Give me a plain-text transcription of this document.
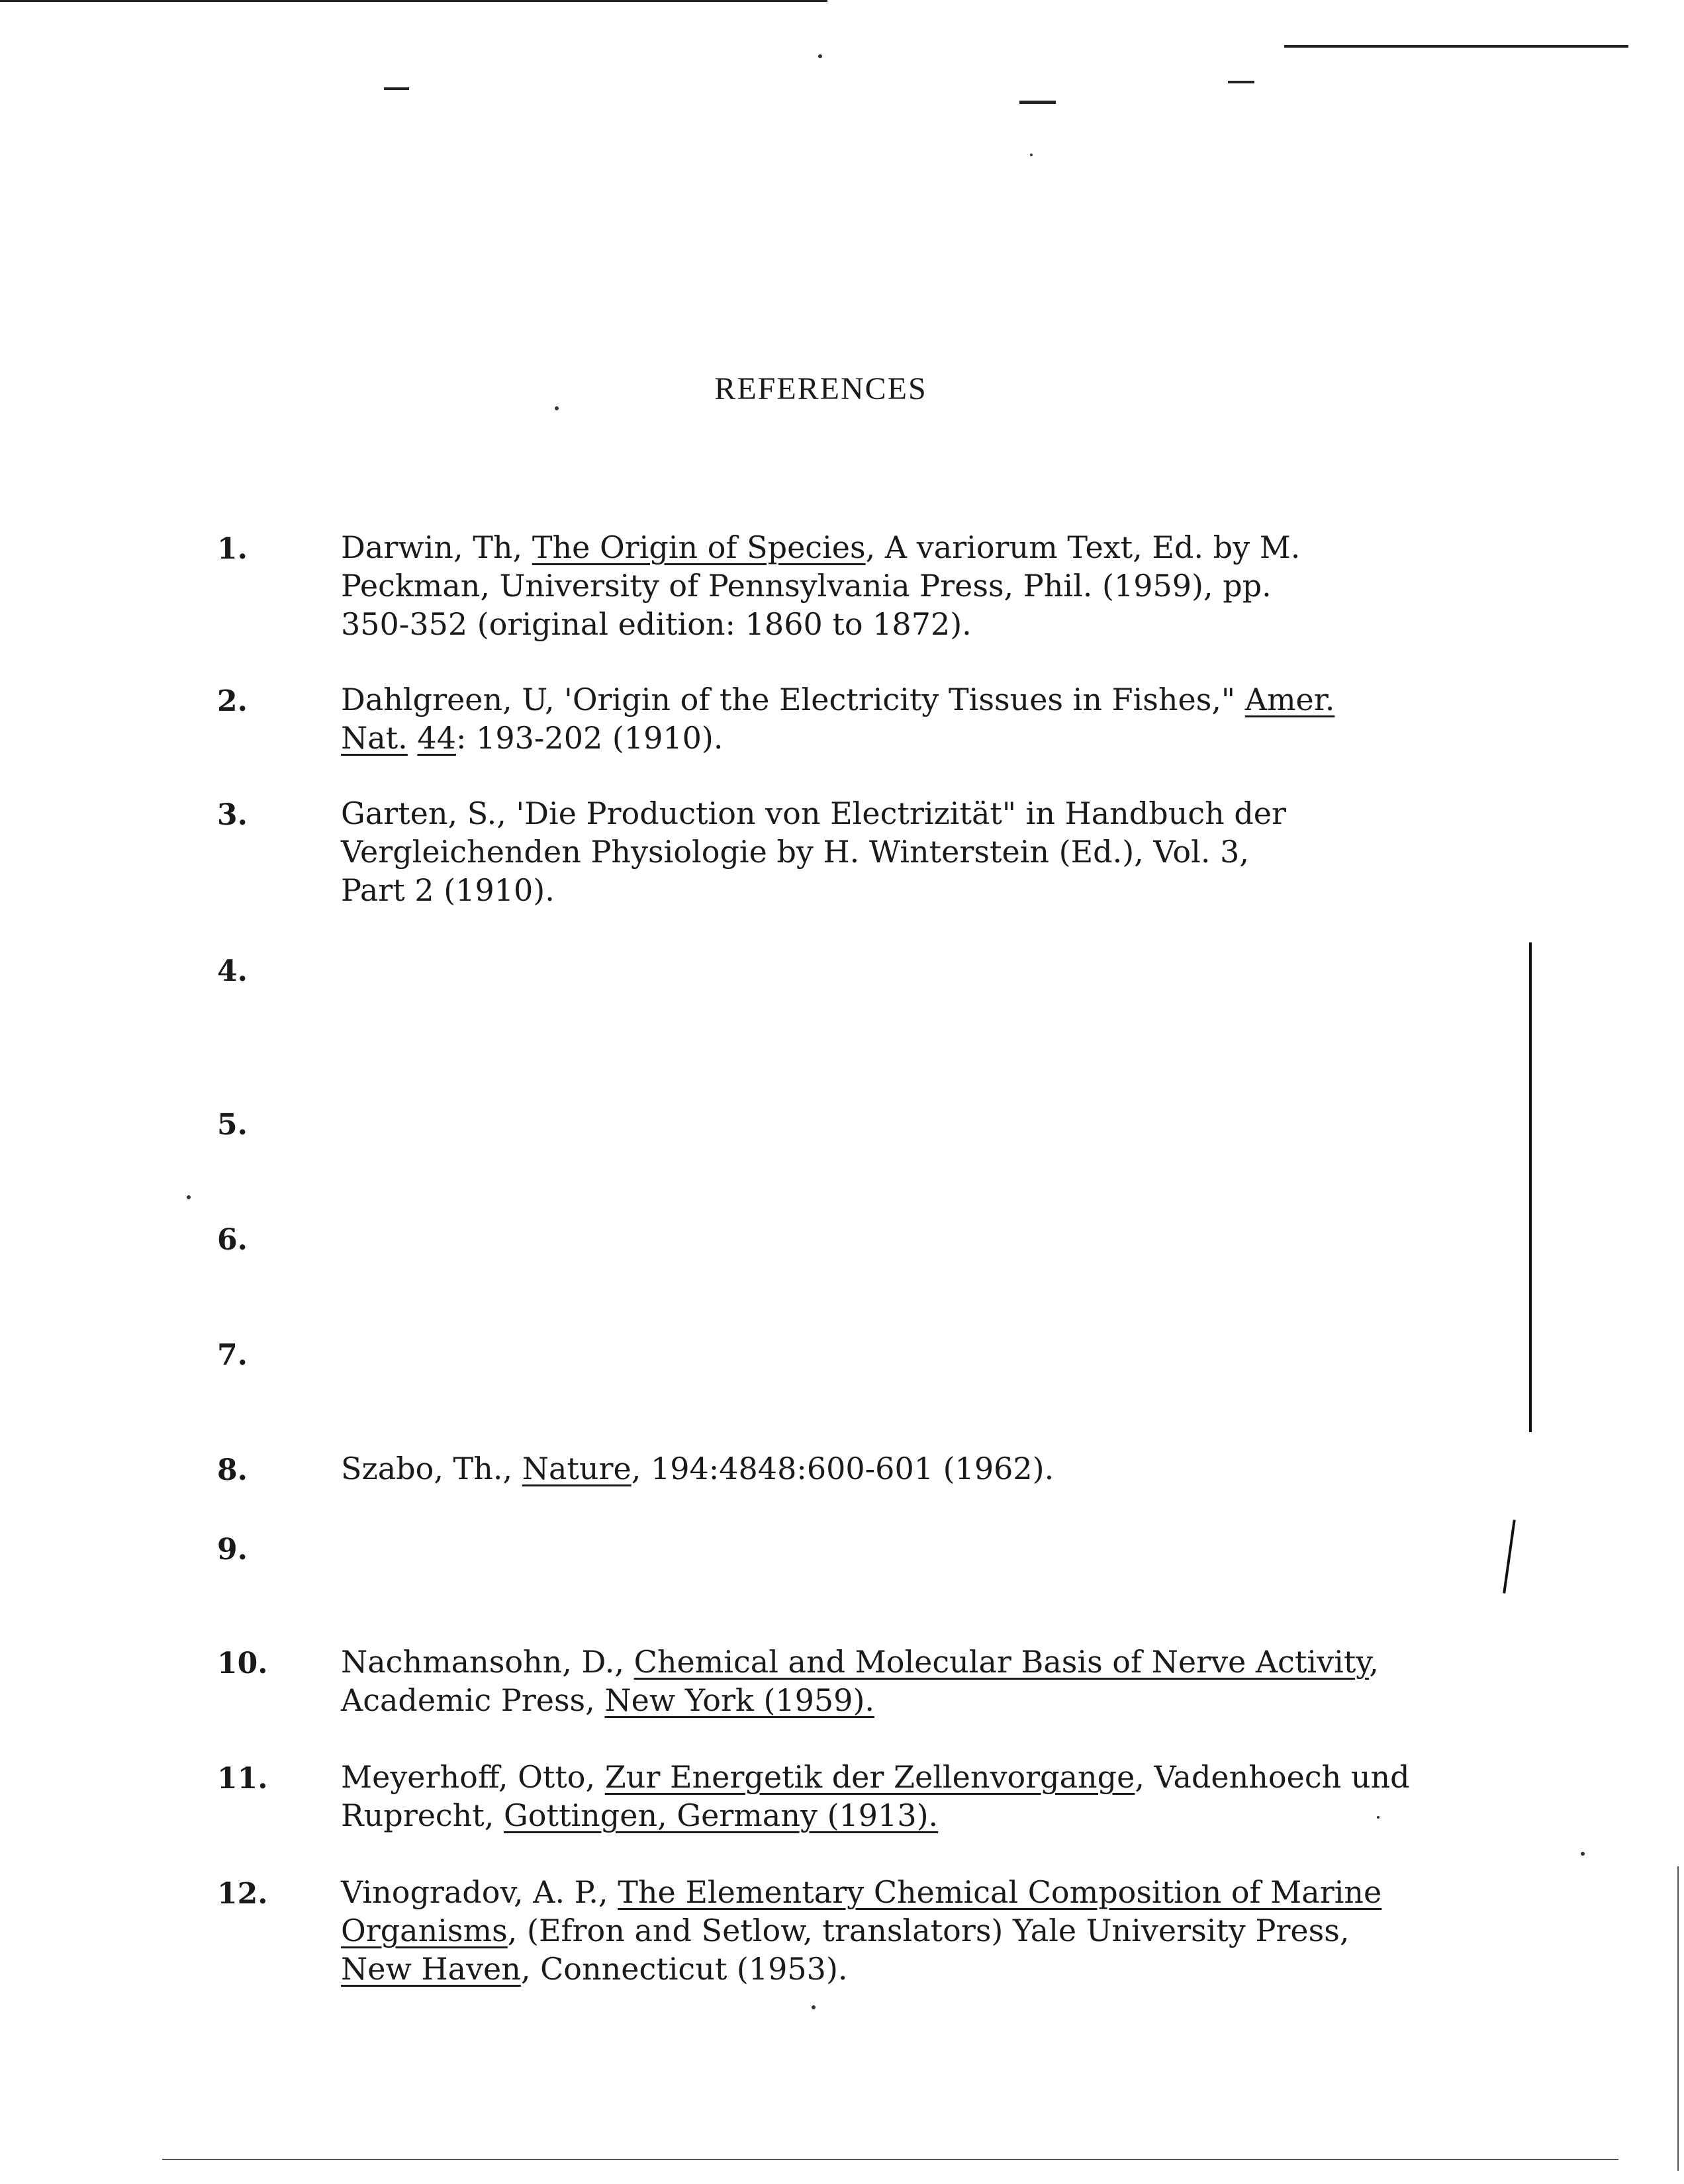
REFERENCES
1.	Darwin, Th, The Origin of Species, A variorum Text, Ed. by M.
Peckman, University of Pennsylvania Press, Phil. (1959), pp.
350-352 (original edition: 1860 to 1872).
2.	Dahlgreen, U, 'Origin of the Electricity Tissues in Fishes," Amer.
Nat. 44: 193-202 (1910).
3.	Garten, S., 'Die Production von Electrizität" in Handbuch der
Vergleichenden Physiologie by H. Winterstein (Ed.), Vol. 3,
Part 2 (1910).
4.
5.
6.
7.
8.	Szabo, Th., Nature, 194:4848:600-601 (1962).
9.
10. Nachmansohn, D., Chemical and Molecular Basis of Nerve Activity,
Academic Press, New York (1959).
11. Meyerhoff, Otto, Zur Energetik der Zellenvorgange, Vadenhoech und
Ruprecht, Gottingen, Germany (1913).
12. Vinogradov, A. P., The Elementary Chemical Composition of Marine
Organisms, (Efron and Setlow, translators) Yale University Press,
New Haven, Connecticut (1953).
